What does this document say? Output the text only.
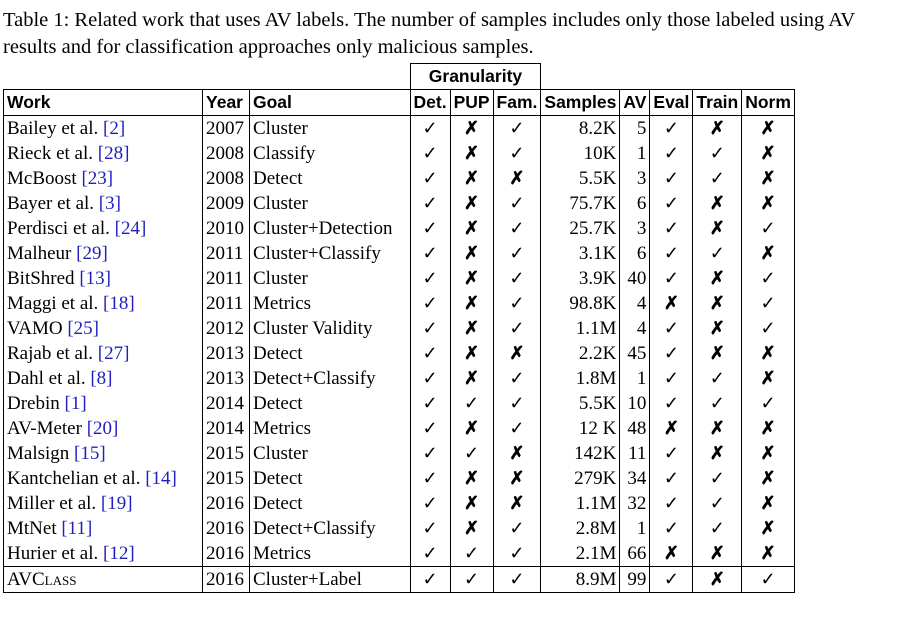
Table 1: Related work that uses AV labels. The number of samples includes only those labeled using AV results and for classification approaches only malicious samples.
			Granularity							
Work	Year	Goal	Det.	PUP	Fam.	Samples	AV	Eval	Train	Norm
Bailey et al. [2]	2007	Cluster	✓	✗	✓	8.2K	5	✓	✗	✗
Rieck et al. [28]	2008	Classify	✓	✗	✓	10K	1	✓	✓	✗
McBoost [23]	2008	Detect	✓	✗	✗	5.5K	3	✓	✓	✗
Bayer et al. [3]	2009	Cluster	✓	✗	✓	75.7K	6	✓	✗	✗
Perdisci et al. [24]	2010	Cluster+Detection	✓	✗	✓	25.7K	3	✓	✗	✓
Malheur [29]	2011	Cluster+Classify	✓	✗	✓	3.1K	6	✓	✓	✗
BitShred [13]	2011	Cluster	✓	✗	✓	3.9K	40	✓	✗	✓
Maggi et al. [18]	2011	Metrics	✓	✗	✓	98.8K	4	✗	✗	✓
VAMO [25]	2012	Cluster Validity	✓	✗	✓	1.1M	4	✓	✗	✓
Rajab et al. [27]	2013	Detect	✓	✗	✗	2.2K	45	✓	✗	✗
Dahl et al. [8]	2013	Detect+Classify	✓	✗	✓	1.8M	1	✓	✓	✗
Drebin [1]	2014	Detect	✓	✓	✓	5.5K	10	✓	✓	✓
AV-Meter [20]	2014	Metrics	✓	✗	✓	12 K	48	✗	✗	✗
Malsign [15]	2015	Cluster	✓	✓	✗	142K	11	✓	✗	✗
Kantchelian et al. [14]	2015	Detect	✓	✗	✗	279K	34	✓	✓	✗
Miller et al. [19]	2016	Detect	✓	✗	✗	1.1M	32	✓	✓	✗
MtNet [11]	2016	Detect+Classify	✓	✗	✓	2.8M	1	✓	✓	✗
Hurier et al. [12]	2016	Metrics	✓	✓	✓	2.1M	66	✗	✗	✗
AVClass	2016	Cluster+Label	✓	✓	✓	8.9M	99	✓	✗	✓
